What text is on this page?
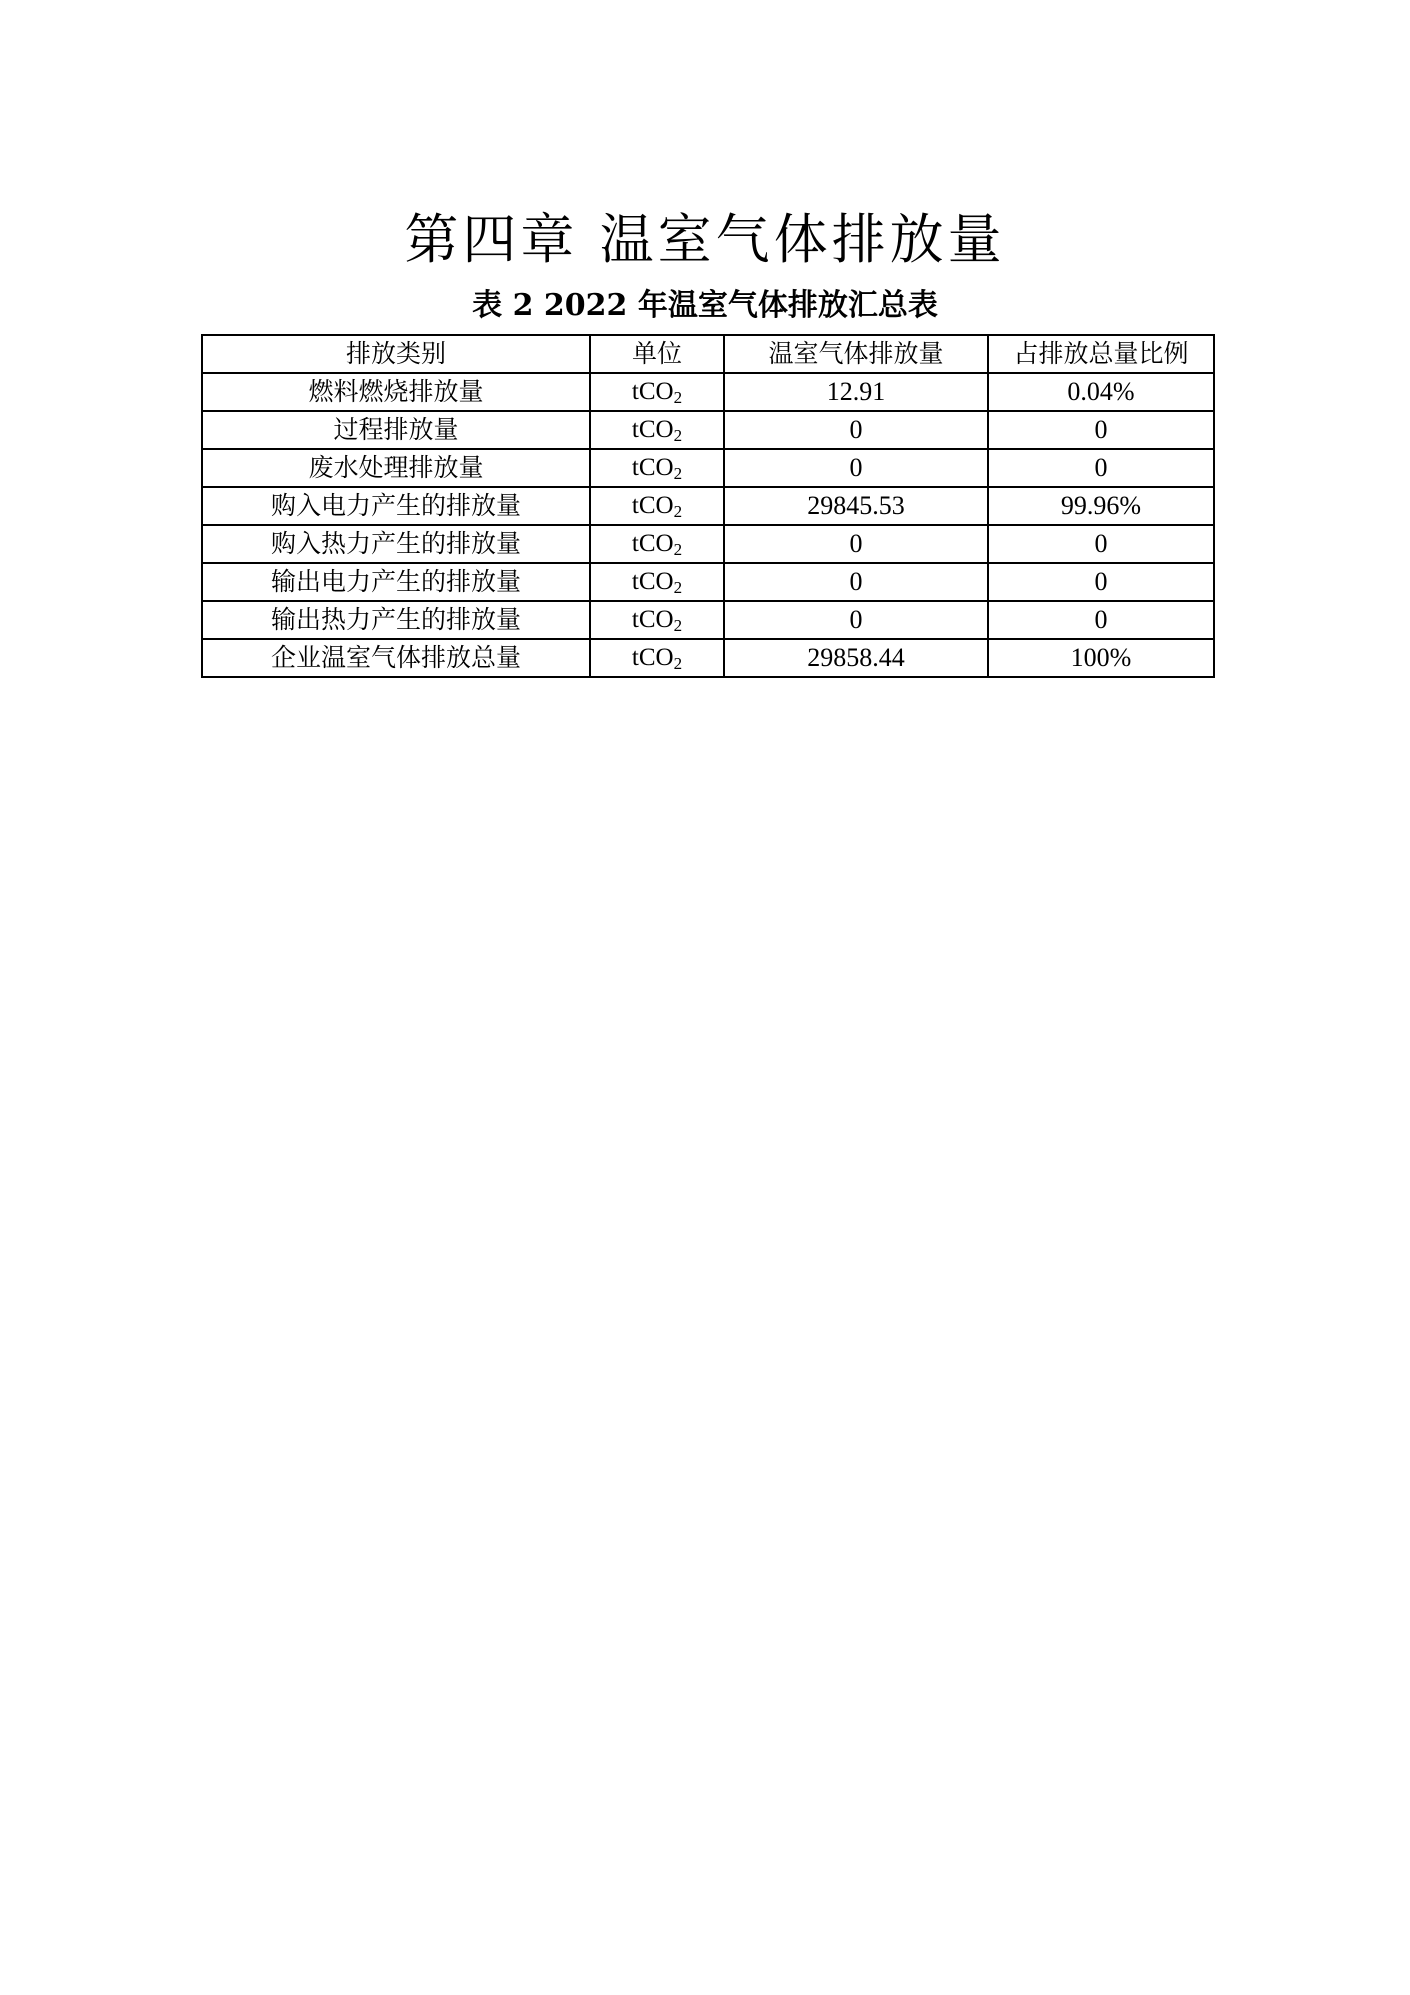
第四章 温室气体排放量
表 2 2022 年温室气体排放汇总表
排放类别	单位	温室气体排放量	占排放总量比例
燃料燃烧排放量	tCO$_2$	12.91	0.04%
过程排放量	tCO$_2$	0	0
废水处理排放量	tCO$_2$	0	0
购入电力产生的排放量	tCO$_2$	29845.53	99.96%
购入热力产生的排放量	tCO$_2$	0	0
输出电力产生的排放量	tCO$_2$	0	0
输出热力产生的排放量	tCO$_2$	0	0
企业温室气体排放总量	tCO$_2$	29858.44	100%
